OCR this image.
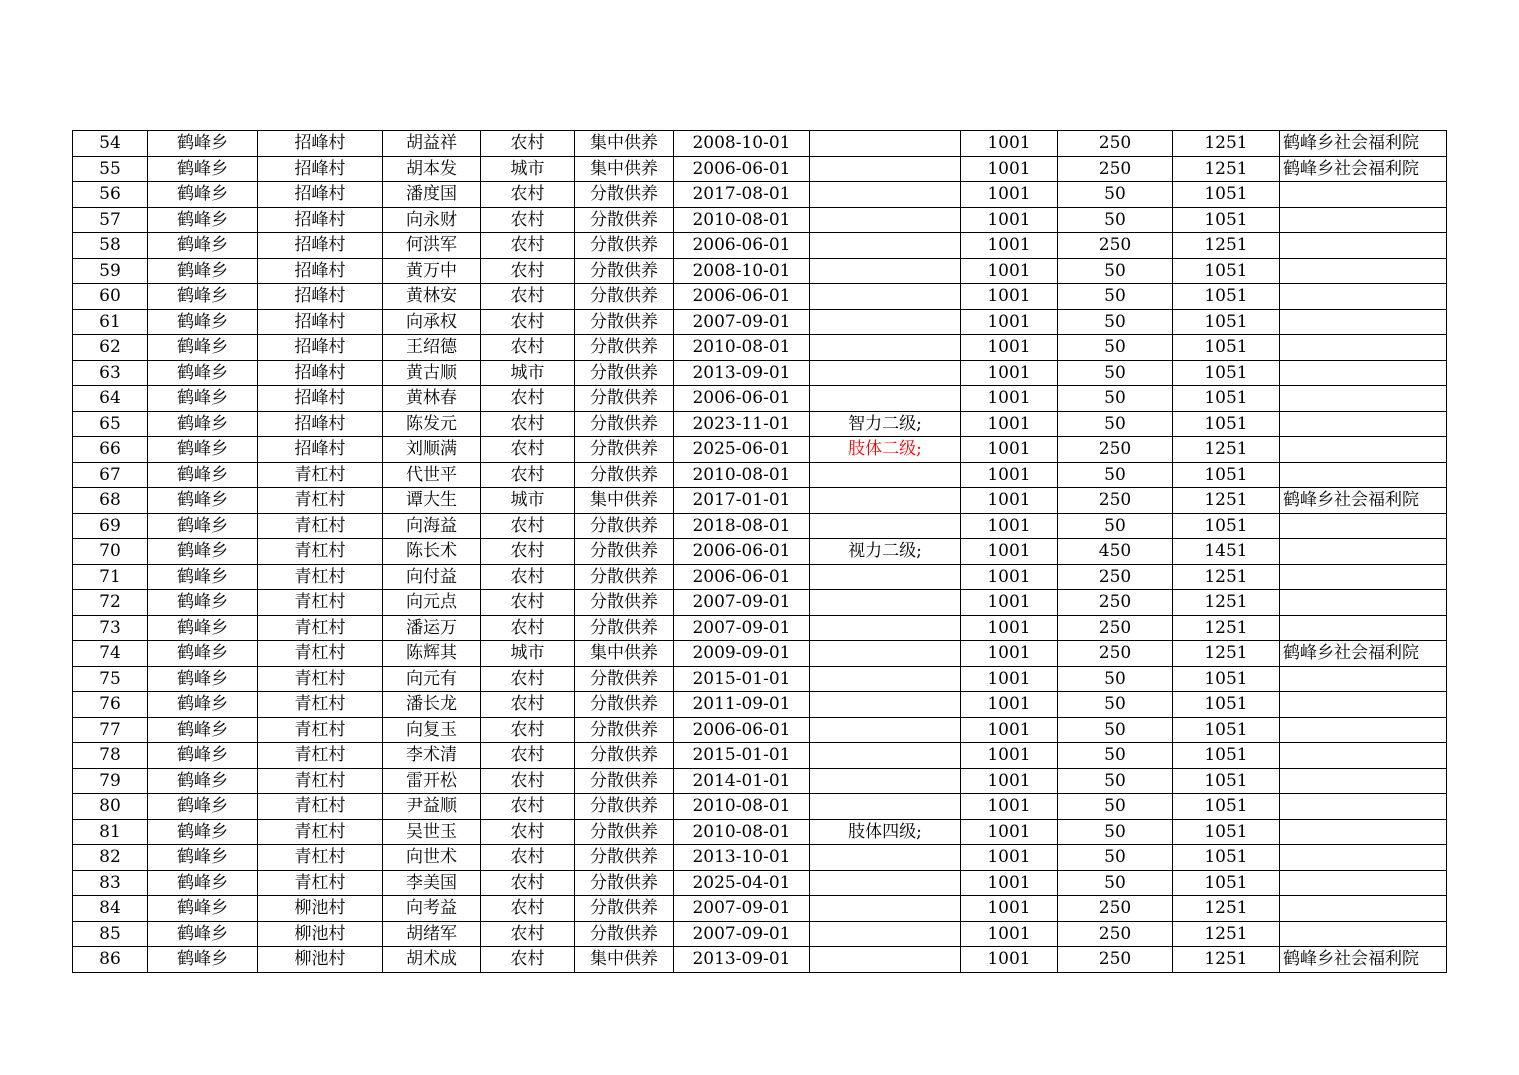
54	鹤峰乡	招峰村	胡益祥	农村	集中供养	2008-10-01		1001	250	1251	鹤峰乡社会福利院
55	鹤峰乡	招峰村	胡本发	城市	集中供养	2006-06-01		1001	250	1251	鹤峰乡社会福利院
56	鹤峰乡	招峰村	潘度国	农村	分散供养	2017-08-01		1001	50	1051	
57	鹤峰乡	招峰村	向永财	农村	分散供养	2010-08-01		1001	50	1051	
58	鹤峰乡	招峰村	何洪军	农村	分散供养	2006-06-01		1001	250	1251	
59	鹤峰乡	招峰村	黄万中	农村	分散供养	2008-10-01		1001	50	1051	
60	鹤峰乡	招峰村	黄林安	农村	分散供养	2006-06-01		1001	50	1051	
61	鹤峰乡	招峰村	向承权	农村	分散供养	2007-09-01		1001	50	1051	
62	鹤峰乡	招峰村	王绍德	农村	分散供养	2010-08-01		1001	50	1051	
63	鹤峰乡	招峰村	黄古顺	城市	分散供养	2013-09-01		1001	50	1051	
64	鹤峰乡	招峰村	黄林春	农村	分散供养	2006-06-01		1001	50	1051	
65	鹤峰乡	招峰村	陈发元	农村	分散供养	2023-11-01	智力二级;	1001	50	1051	
66	鹤峰乡	招峰村	刘顺满	农村	分散供养	2025-06-01	肢体二级;	1001	250	1251	
67	鹤峰乡	青杠村	代世平	农村	分散供养	2010-08-01		1001	50	1051	
68	鹤峰乡	青杠村	谭大生	城市	集中供养	2017-01-01		1001	250	1251	鹤峰乡社会福利院
69	鹤峰乡	青杠村	向海益	农村	分散供养	2018-08-01		1001	50	1051	
70	鹤峰乡	青杠村	陈长术	农村	分散供养	2006-06-01	视力二级;	1001	450	1451	
71	鹤峰乡	青杠村	向付益	农村	分散供养	2006-06-01		1001	250	1251	
72	鹤峰乡	青杠村	向元点	农村	分散供养	2007-09-01		1001	250	1251	
73	鹤峰乡	青杠村	潘运万	农村	分散供养	2007-09-01		1001	250	1251	
74	鹤峰乡	青杠村	陈辉其	城市	集中供养	2009-09-01		1001	250	1251	鹤峰乡社会福利院
75	鹤峰乡	青杠村	向元有	农村	分散供养	2015-01-01		1001	50	1051	
76	鹤峰乡	青杠村	潘长龙	农村	分散供养	2011-09-01		1001	50	1051	
77	鹤峰乡	青杠村	向复玉	农村	分散供养	2006-06-01		1001	50	1051	
78	鹤峰乡	青杠村	李术清	农村	分散供养	2015-01-01		1001	50	1051	
79	鹤峰乡	青杠村	雷开松	农村	分散供养	2014-01-01		1001	50	1051	
80	鹤峰乡	青杠村	尹益顺	农村	分散供养	2010-08-01		1001	50	1051	
81	鹤峰乡	青杠村	吴世玉	农村	分散供养	2010-08-01	肢体四级;	1001	50	1051	
82	鹤峰乡	青杠村	向世术	农村	分散供养	2013-10-01		1001	50	1051	
83	鹤峰乡	青杠村	李美国	农村	分散供养	2025-04-01		1001	50	1051	
84	鹤峰乡	柳池村	向考益	农村	分散供养	2007-09-01		1001	250	1251	
85	鹤峰乡	柳池村	胡绪军	农村	分散供养	2007-09-01		1001	250	1251	
86	鹤峰乡	柳池村	胡术成	农村	集中供养	2013-09-01		1001	250	1251	鹤峰乡社会福利院
